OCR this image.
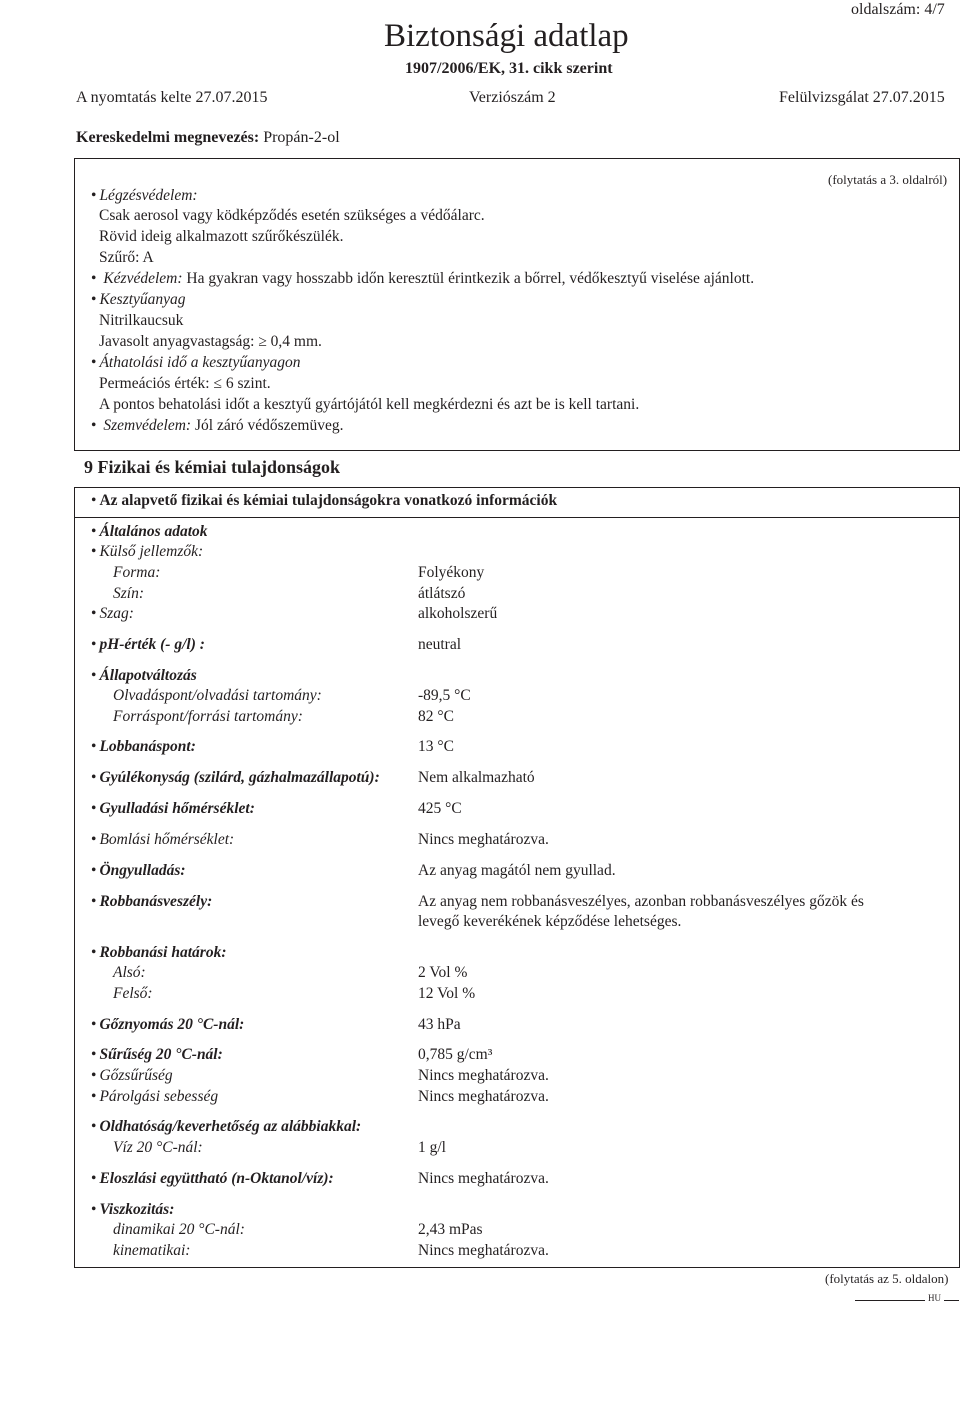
oldalszám: 4/7
Biztonsági adatlap
1907/2006/EK, 31. cikk szerint
A nyomtatás kelte 27.07.2015	Verziószám 2	Felülvizsgálat 27.07.2015
Kereskedelmi megnevezés: Propán-2-ol
(folytatás a 3. oldalról)
• Légzésvédelem:
Csak aerosol vagy ködképződés esetén szükséges a védőálarc.
Rövid ideig alkalmazott szűrőkészülék.
Szűrő: A
• Kézvédelem: Ha gyakran vagy hosszabb időn keresztül érintkezik a bőrrel, védőkesztyű viselése ajánlott.
• Kesztyűanyag
Nitrilkaucsuk
Javasolt anyagvastagság: ≥ 0,4 mm.
• Áthatolási idő a kesztyűanyagon
Permeációs érték: ≤ 6 szint.
A pontos behatolási időt a kesztyű gyártójától kell megkérdezni és azt be is kell tartani.
• Szemvédelem: Jól záró védőszemüveg.
9 Fizikai és kémiai tulajdonságok
• Az alapvető fizikai és kémiai tulajdonságokra vonatkozó információk
• Általános adatok
• Külső jellemzők:
Forma:	Folyékony
Szín:	átlátszó
• Szag:	alkoholszerű
• pH-érték (- g/l) :	neutral
• Állapotváltozás
Olvadáspont/olvadási tartomány:	-89,5 °C
Forráspont/forrási tartomány:	82 °C
• Lobbanáspont:	13 °C
• Gyúlékonyság (szilárd, gázhalmazállapotú): Nem alkalmazható
• Gyulladási hőmérséklet:	425 °C
• Bomlási hőmérséklet:	Nincs meghatározva.
• Öngyulladás:	Az anyag magától nem gyullad.
• Robbanásveszély:	Az anyag nem robbanásveszélyes, azonban robbanásveszélyes gőzök és
levegő keverékének képződése lehetséges.
• Robbanási határok:
Alsó:	2 Vol %
Felső:	12 Vol %
• Gőznyomás 20 °C-nál:	43 hPa
• Sűrűség 20 °C-nál:	0,785 g/cm³
• Gőzsűrűség	Nincs meghatározva.
• Párolgási sebesség	Nincs meghatározva.
• Oldhatóság/keverhetőség az alábbiakkal:
Víz 20 °C-nál:	1 g/l
• Eloszlási együttható (n-Oktanol/víz):	Nincs meghatározva.
• Viszkozitás:
dinamikai 20 °C-nál:	2,43 mPas
kinematikai:	Nincs meghatározva.
(folytatás az 5. oldalon)
HU
